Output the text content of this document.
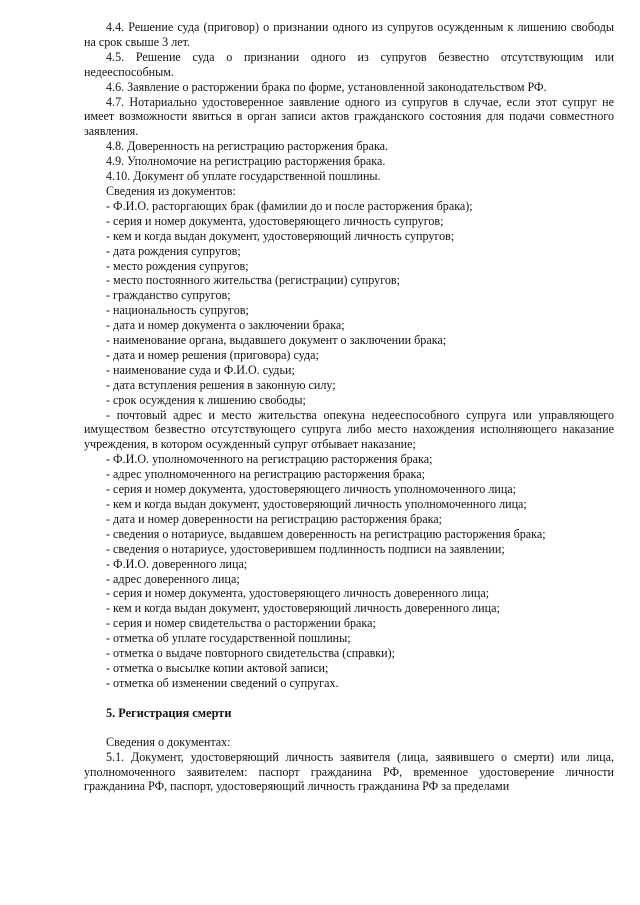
4.4. Решение суда (приговор) о признании одного из супругов осужденным к лишению свободы на срок свыше 3 лет.

4.5. Решение суда о признании одного из супругов безвестно отсутствующим или недееспособным.

4.6. Заявление о расторжении брака по форме, установленной законодательством РФ.

4.7. Нотариально удостоверенное заявление одного из супругов в случае, если этот супруг не имеет возможности явиться в орган записи актов гражданского состояния для подачи совместного заявления.

4.8. Доверенность на регистрацию расторжения брака.

4.9. Уполномочие на регистрацию расторжения брака.

4.10. Документ об уплате государственной пошлины.

Сведения из документов:

- Ф.И.О. расторгающих брак (фамилии до и после расторжения брака);

- серия и номер документа, удостоверяющего личность супругов;

- кем и когда выдан документ, удостоверяющий личность супругов;

- дата рождения супругов;

- место рождения супругов;

- место постоянного жительства (регистрации) супругов;

- гражданство супругов;

- национальность супругов;

- дата и номер документа о заключении брака;

- наименование органа, выдавшего документ о заключении брака;

- дата и номер решения (приговора) суда;

- наименование суда и Ф.И.О. судьи;

- дата вступления решения в законную силу;

- срок осуждения к лишению свободы;

- почтовый адрес и место жительства опекуна недееспособного супруга или управляющего имуществом безвестно отсутствующего супруга либо место нахождения исполняющего наказание учреждения, в котором осужденный супруг отбывает наказание;

- Ф.И.О. уполномоченного на регистрацию расторжения брака;

- адрес уполномоченного на регистрацию расторжения брака;

- серия и номер документа, удостоверяющего личность уполномоченного лица;

- кем и когда выдан документ, удостоверяющий личность уполномоченного лица;

- дата и номер доверенности на регистрацию расторжения брака;

- сведения о нотариусе, выдавшем доверенность на регистрацию расторжения брака;

- сведения о нотариусе, удостоверившем подлинность подписи на заявлении;

- Ф.И.О. доверенного лица;

- адрес доверенного лица;

- серия и номер документа, удостоверяющего личность доверенного лица;

- кем и когда выдан документ, удостоверяющий личность доверенного лица;

- серия и номер свидетельства о расторжении брака;

- отметка об уплате государственной пошлины;

- отметка о выдаче повторного свидетельства (справки);

- отметка о высылке копии актовой записи;

- отметка об изменении сведений о супругах.

5. Регистрация смерти

Сведения о документах:

5.1. Документ, удостоверяющий личность заявителя (лица, заявившего о смерти) или лица, уполномоченного заявителем: паспорт гражданина РФ, временное удостоверение личности гражданина РФ, паспорт, удостоверяющий личность гражданина РФ за пределами
